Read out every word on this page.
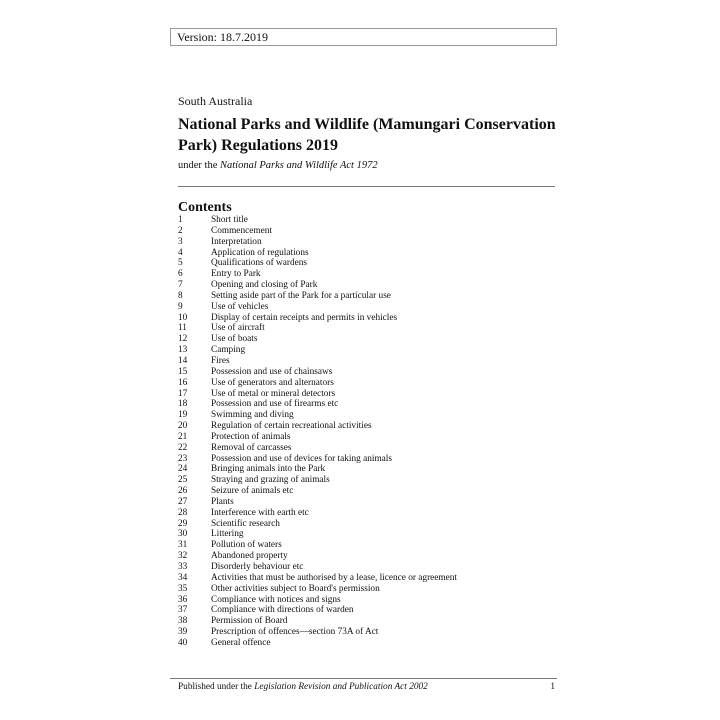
Version: 18.7.2019
South Australia
National Parks and Wildlife (Mamungari Conservation Park) Regulations 2019
under the National Parks and Wildlife Act 1972
Contents
1	Short title
2	Commencement
3	Interpretation
4	Application of regulations
5	Qualifications of wardens
6	Entry to Park
7	Opening and closing of Park
8	Setting aside part of the Park for a particular use
9	Use of vehicles
10	Display of certain receipts and permits in vehicles
11	Use of aircraft
12	Use of boats
13	Camping
14	Fires
15	Possession and use of chainsaws
16	Use of generators and alternators
17	Use of metal or mineral detectors
18	Possession and use of firearms etc
19	Swimming and diving
20	Regulation of certain recreational activities
21	Protection of animals
22	Removal of carcasses
23	Possession and use of devices for taking animals
24	Bringing animals into the Park
25	Straying and grazing of animals
26	Seizure of animals etc
27	Plants
28	Interference with earth etc
29	Scientific research
30	Littering
31	Pollution of waters
32	Abandoned property
33	Disorderly behaviour etc
34	Activities that must be authorised by a lease, licence or agreement
35	Other activities subject to Board's permission
36	Compliance with notices and signs
37	Compliance with directions of warden
38	Permission of Board
39	Prescription of offences—section 73A of Act
40	General offence
Published under the Legislation Revision and Publication Act 2002	1
